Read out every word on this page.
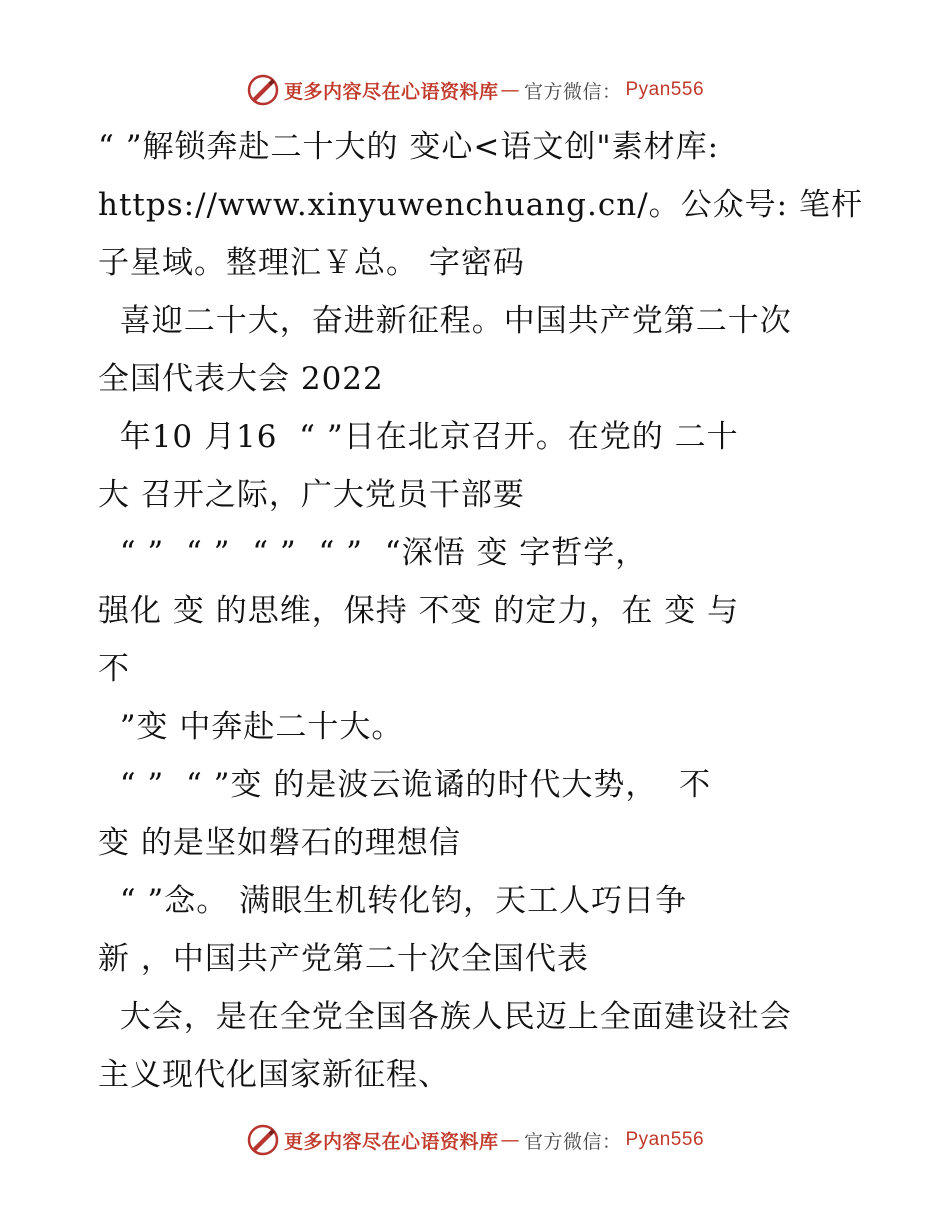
更多内容尽在心语资料库 — 官方微信： Pyan556
“ ”解锁奔赴二十大的 变心<语文创"素材库:
https://www.xinyuwenchuang.cn/。公众号: 笔杆
子星域。整理汇￥总。 字密码
喜迎二十大，奋进新征程。中国共产党第二十次
全国代表大会 2022
年10 月16  “ ”日在北京召开。在党的 二十
大 召开之际，广大党员干部要
“ ”  “ ”  “ ”  “ ”  “深悟 变 字哲学，
强化 变 的思维，保持 不变 的定力，在 变 与
不
”变 中奔赴二十大。
“ ”  “ ”变 的是波云诡谲的时代大势，  不
变 的是坚如磐石的理想信
“ ”念。 满眼生机转化钧，天工人巧日争
新 ，中国共产党第二十次全国代表
大会，是在全党全国各族人民迈上全面建设社会
主义现代化国家新征程、
更多内容尽在心语资料库 — 官方微信： Pyan556
